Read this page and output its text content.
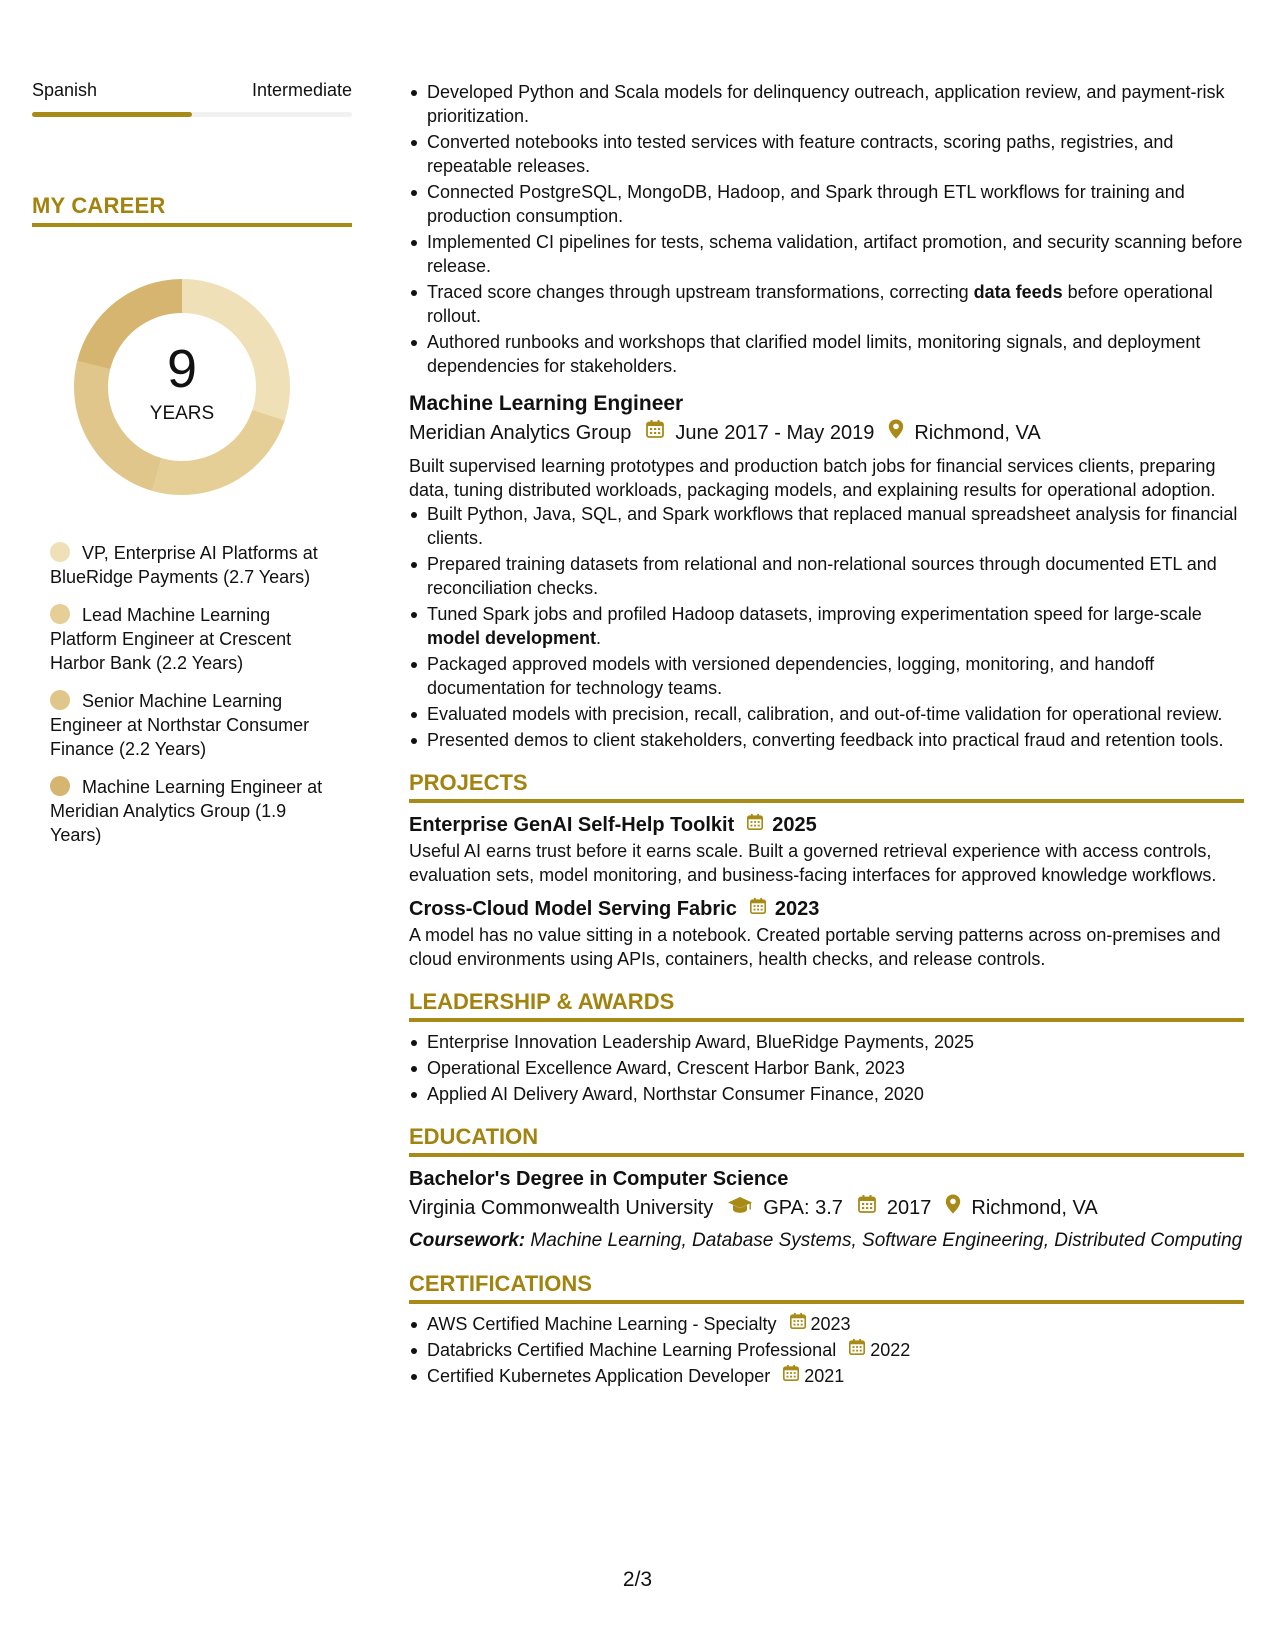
Spanish	Intermediate
MY CAREER
9
YEARS
VP, Enterprise AI Platforms at BlueRidge Payments (2.7 Years)
Lead Machine Learning Platform Engineer at Crescent Harbor Bank (2.2 Years)
Senior Machine Learning Engineer at Northstar Consumer Finance (2.2 Years)
Machine Learning Engineer at Meridian Analytics Group (1.9 Years)
Developed Python and Scala models for delinquency outreach, application review, and payment-risk prioritization.
Converted notebooks into tested services with feature contracts, scoring paths, registries, and repeatable releases.
Connected PostgreSQL, MongoDB, Hadoop, and Spark through ETL workflows for training and production consumption.
Implemented CI pipelines for tests, schema validation, artifact promotion, and security scanning before release.
Traced score changes through upstream transformations, correcting data feeds before operational rollout.
Authored runbooks and workshops that clarified model limits, monitoring signals, and deployment dependencies for stakeholders.
Machine Learning Engineer
Meridian Analytics Group June 2017 - May 2019 Richmond, VA
Built supervised learning prototypes and production batch jobs for financial services clients, preparing data, tuning distributed workloads, packaging models, and explaining results for operational adoption.
Built Python, Java, SQL, and Spark workflows that replaced manual spreadsheet analysis for financial clients.
Prepared training datasets from relational and non-relational sources through documented ETL and reconciliation checks.
Tuned Spark jobs and profiled Hadoop datasets, improving experimentation speed for large-scale model development.
Packaged approved models with versioned dependencies, logging, monitoring, and handoff documentation for technology teams.
Evaluated models with precision, recall, calibration, and out-of-time validation for operational review.
Presented demos to client stakeholders, converting feedback into practical fraud and retention tools.
PROJECTS
Enterprise GenAI Self-Help Toolkit 2025
Useful AI earns trust before it earns scale. Built a governed retrieval experience with access controls, evaluation sets, model monitoring, and business-facing interfaces for approved knowledge workflows.
Cross-Cloud Model Serving Fabric 2023
A model has no value sitting in a notebook. Created portable serving patterns across on-premises and cloud environments using APIs, containers, health checks, and release controls.
LEADERSHIP & AWARDS
Enterprise Innovation Leadership Award, BlueRidge Payments, 2025
Operational Excellence Award, Crescent Harbor Bank, 2023
Applied AI Delivery Award, Northstar Consumer Finance, 2020
EDUCATION
Bachelor's Degree in Computer Science
Virginia Commonwealth University	GPA: 3.7 2017 Richmond, VA
Coursework: Machine Learning, Database Systems, Software Engineering, Distributed Computing
CERTIFICATIONS
AWS Certified Machine Learning - Specialty 2023
Databricks Certified Machine Learning Professional 2022
Certified Kubernetes Application Developer 2021
2/3
